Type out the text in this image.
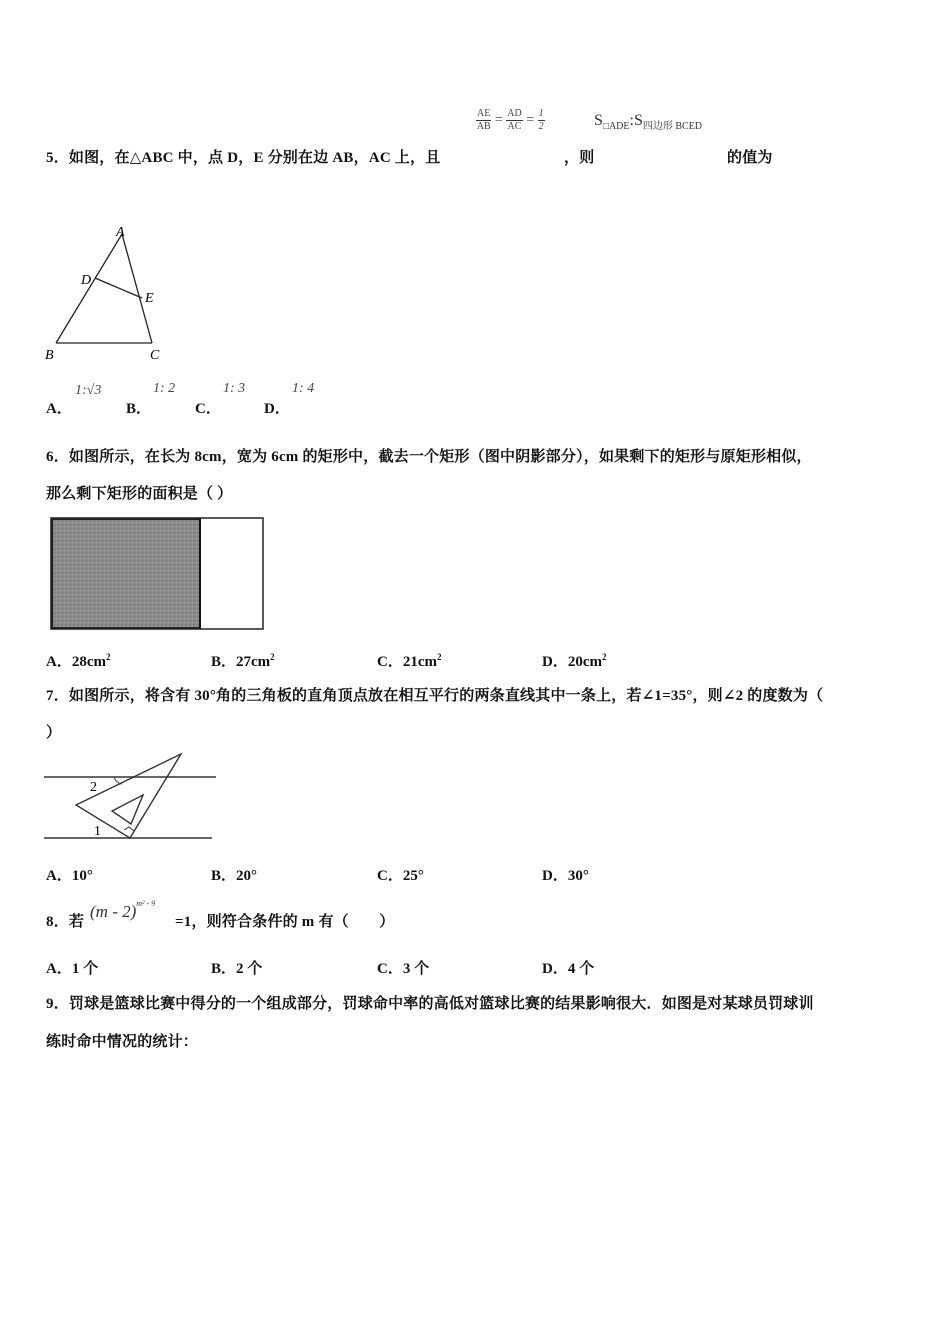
$\frac{AE}{AB} = \frac{AD}{AC} = \frac{1}{2}$	$S_{□ADE}:S_{四边形 BCED}$
5．如图，在△ABC 中，点 D，E 分别在边 AB，AC 上，且	，则	的值为
A
D
E
B	C
A．
1:√3
B．
1: 2
C．
1: 3
D．
1: 4
6．如图所示，在长为 8cm，宽为 6cm 的矩形中，截去一个矩形（图中阴影部分），如果剩下的矩形与原矩形相似，
那么剩下矩形的面积是（ ）
A．$28cm^2$	B．$27cm^2$	C．$21cm^2$	D．$20cm^2$
7．如图所示，将含有 30°角的三角板的直角顶点放在相互平行的两条直线其中一条上，若∠1=35°，则∠2 的度数为（
）
2
1
A．10°	B．20°	C．25°	D．30°
8．若
(m - 2)$^{m^2 - 9}$
=1，则符合条件的 m 有（　　）
A．1 个	B．2 个	C．3 个	D．4 个
9．罚球是篮球比赛中得分的一个组成部分，罚球命中率的高低对篮球比赛的结果影响很大．如图是对某球员罚球训
练时命中情况的统计：
